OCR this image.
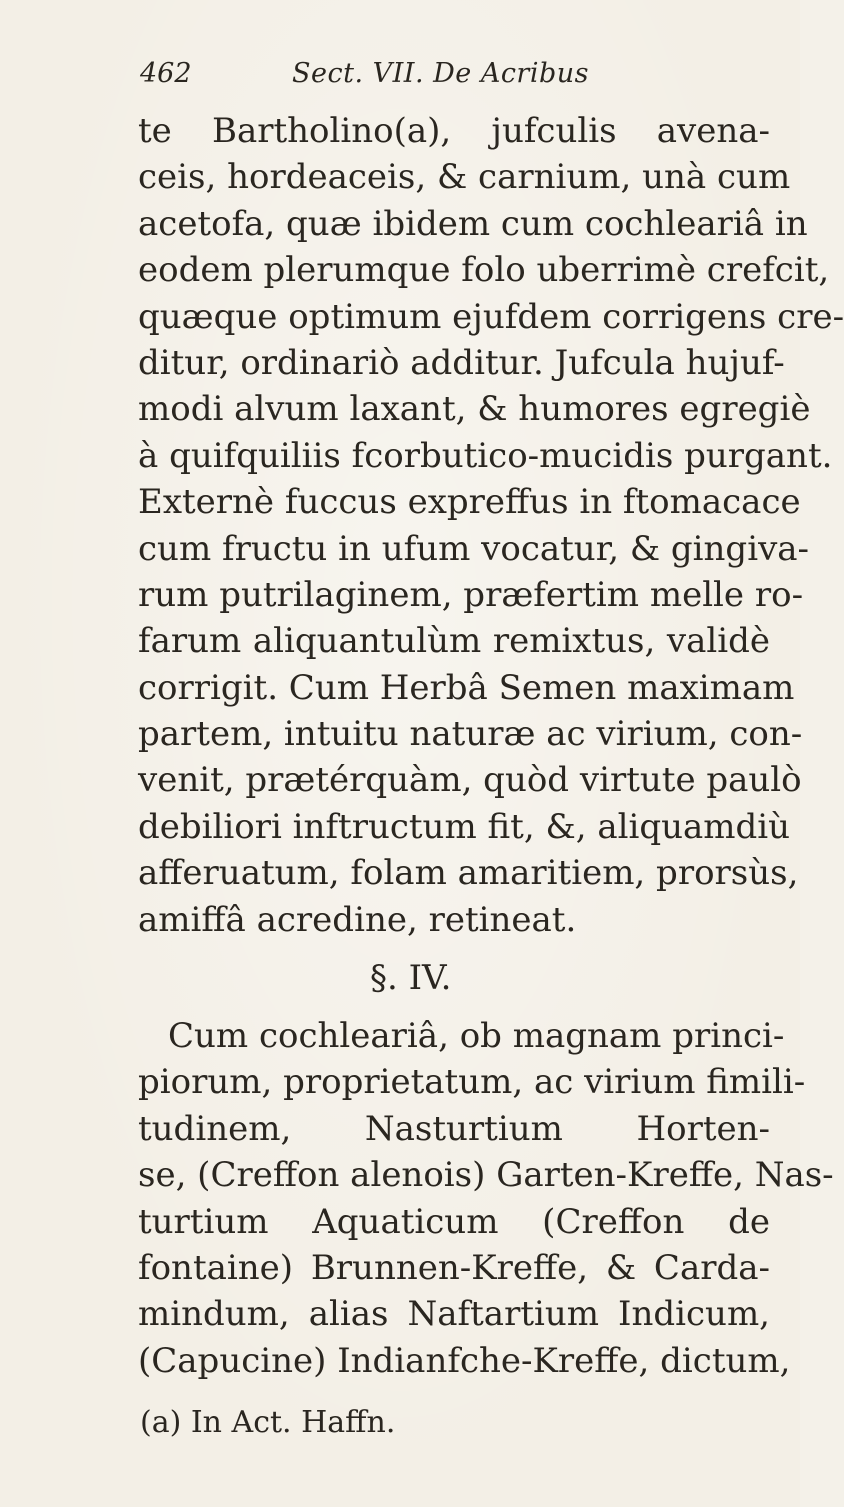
462	Sect. VII. De Acribus
te Bartholino(a), jufculis avena-
ceis, hordeaceis, & carnium, unà cum
acetofa, quæ ibidem cum cochleariâ in
eodem plerumque folo uberrimè crefcit,
quæque optimum ejufdem corrigens cre-
ditur, ordinariò additur. Jufcula hujuf-
modi alvum laxant, & humores egregiè
à quifquiliis fcorbutico-mucidis purgant.
Externè fuccus expreffus in ftomacace
cum fructu in ufum vocatur, & gingiva-
rum putrilaginem, præfertim melle ro-
farum aliquantulùm remixtus, validè
corrigit. Cum Herbâ Semen maximam
partem, intuitu naturæ ac virium, con-
venit, prætérquàm, quòd virtute paulò
debiliori inftructum fit, &, aliquamdiù
afferuatum, folam amaritiem, prorsùs,
amiffâ acredine, retineat.
§. IV.
Cum cochleariâ, ob magnam princi-
piorum, proprietatum, ac virium fimili-
tudinem, Nasturtium Horten-
se, (Creffon alenois) Garten-Kreffe, Nas-
turtium Aquaticum (Creffon de
fontaine) Brunnen-Kreffe, & Carda-
mindum, alias Naftartium Indicum,
(Capucine) Indianfche-Kreffe, dictum,
(a) In Act. Haffn.
